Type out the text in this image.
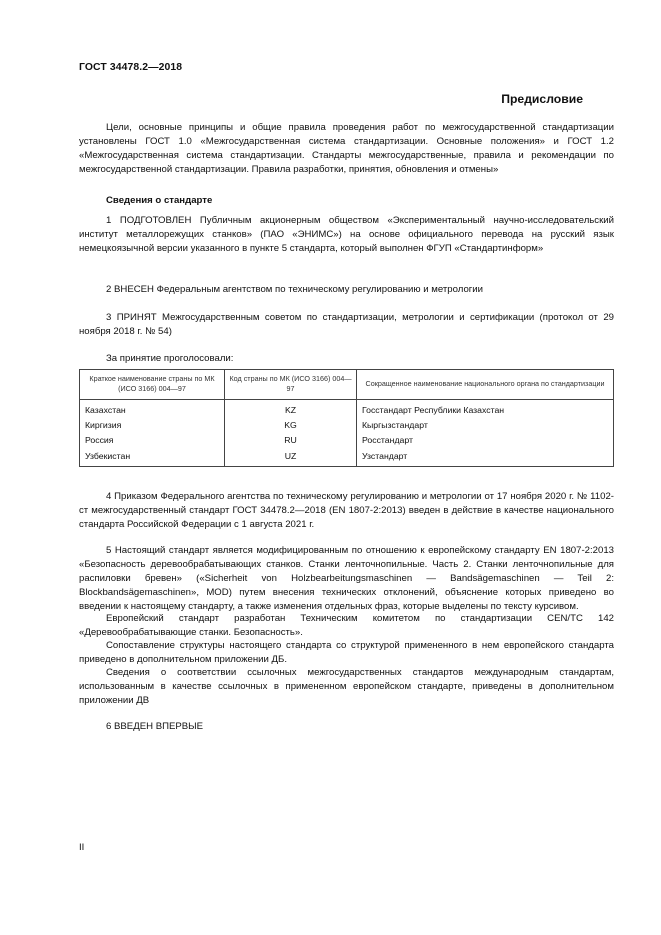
ГОСТ 34478.2—2018
Предисловие

Цели, основные принципы и общие правила проведения работ по межгосударственной стандартизации установлены ГОСТ 1.0 «Межгосударственная система стандартизации. Основные положения» и ГОСТ 1.2 «Межгосударственная система стандартизации. Стандарты межгосударственные, правила и рекомендации по межгосударственной стандартизации. Правила разработки, принятия, обновления и отмены»

Сведения о стандарте

1 ПОДГОТОВЛЕН Публичным акционерным обществом «Экспериментальный научно-исследовательский институт металлорежущих станков» (ПАО «ЭНИМС») на основе официального перевода на русский язык немецкоязычной версии указанного в пункте 5 стандарта, который выполнен ФГУП «Стандартинформ»

2 ВНЕСЕН Федеральным агентством по техническому регулированию и метрологии

3 ПРИНЯТ Межгосударственным советом по стандартизации, метрологии и сертификации (протокол от 29 ноября 2018 г. № 54)

За принятие проголосовали:

Краткое наименование страны по МК (ИСО 3166) 004—97	Код страны по МК (ИСО 3166) 004—97	Сокращенное наименование национального органа по стандартизации
Казахстан	KZ	Госстандарт Республики Казахстан
Киргизия	KG	Кыргызстандарт
Россия	RU	Росстандарт
Узбекистан	UZ	Узстандарт

4 Приказом Федерального агентства по техническому регулированию и метрологии от 17 ноября 2020 г. № 1102-ст межгосударственный стандарт ГОСТ 34478.2—2018 (EN 1807-2:2013) введен в действие в качестве национального стандарта Российской Федерации с 1 августа 2021 г.

5 Настоящий стандарт является модифицированным по отношению к европейскому стандарту EN 1807-2:2013 «Безопасность деревообрабатывающих станков. Станки ленточнопильные. Часть 2. Станки ленточнопильные для распиловки бревен» («Sicherheit von Holzbearbeitungsmaschinen — Bandsägemaschinen — Teil 2: Blockbandsägemaschinen», MOD) путем внесения технических отклонений, объяснение которых приведено во введении к настоящему стандарту, а также изменения отдельных фраз, которые выделены по тексту курсивом.

Европейский стандарт разработан Техническим комитетом по стандартизации CEN/TC 142 «Деревообрабатывающие станки. Безопасность».

Сопоставление структуры настоящего стандарта со структурой примененного в нем европейского стандарта приведено в дополнительном приложении ДБ.

Сведения о соответствии ссылочных межгосударственных стандартов международным стандартам, использованным в качестве ссылочных в примененном европейском стандарте, приведены в дополнительном приложении ДВ

6 ВВЕДЕН ВПЕРВЫЕ

II
